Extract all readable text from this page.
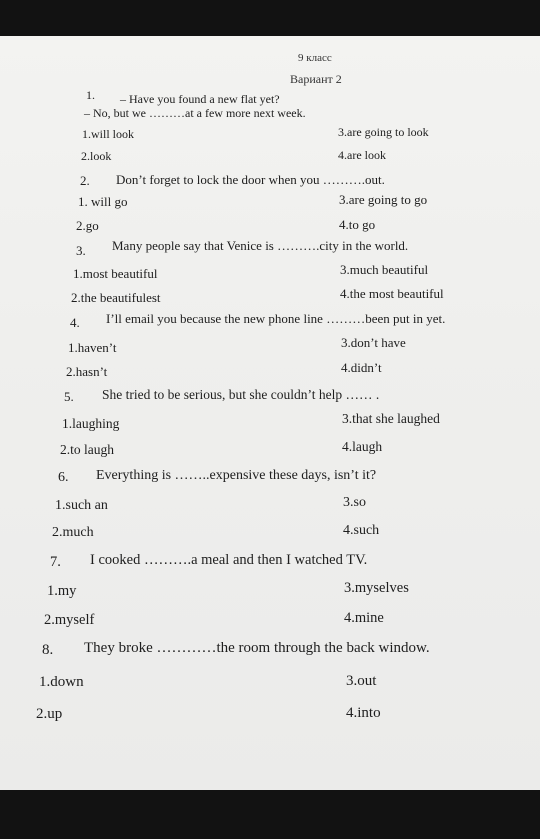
9 класс
Вариант 2
1. – Have you found a new flat yet?
– No, but we ………at a few more next week.
1.will look
2.look
3.are going to look
4.are look
2. Don’t forget to lock the door when you ……….out.
1. will go
2.go
3.are going to go
4.to go
3. Many people say that Venice is ……….city in the world.
1.most beautiful
2.the beautifulest
3.much beautiful
4.the most beautiful
4. I’ll email you because the new phone line ………been put in yet.
1.haven’t
2.hasn’t
3.don’t have
4.didn’t
5. She tried to be serious, but she couldn’t help …… .
1.laughing
2.to laugh
3.that she laughed
4.laugh
6. Everything is ……..expensive these days, isn’t it?
1.such an
2.much
3.so
4.such
7. I cooked ……….a meal and then I watched TV.
1.my
2.myself
3.myselves
4.mine
8. They broke …………the room through the back window.
1.down
2.up
3.out
4.into
